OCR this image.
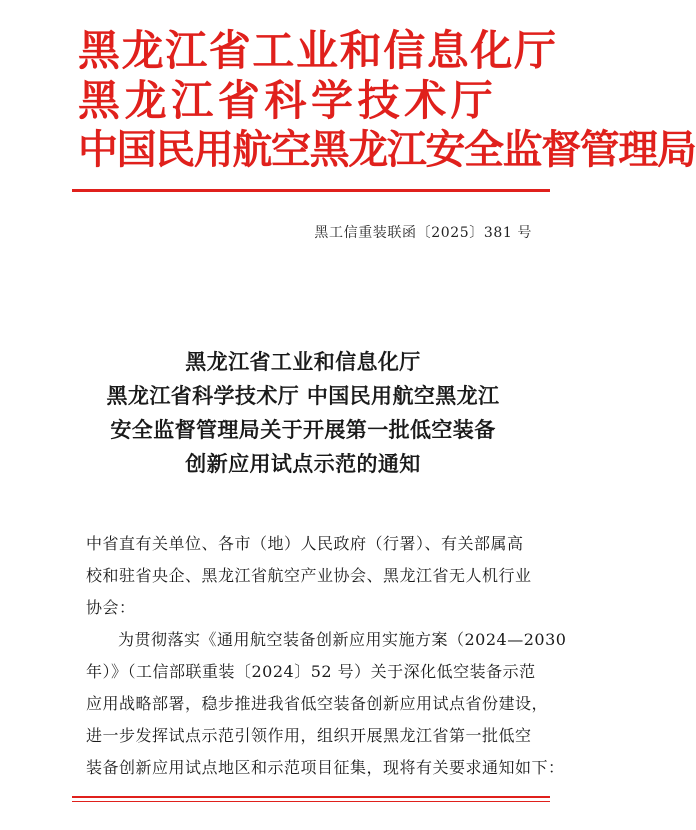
黑龙江省工业和信息化厅
黑龙江省科学技术厅
中国民用航空黑龙江安全监督管理局
黑工信重装联函〔2025〕381 号
黑龙江省工业和信息化厅
黑龙江省科学技术厅 中国民用航空黑龙江
安全监督管理局关于开展第一批低空装备
创新应用试点示范的通知
中省直有关单位、各市（地）人民政府（行署）、有关部属高
校和驻省央企、黑龙江省航空产业协会、黑龙江省无人机行业
协会：
为贯彻落实《通用航空装备创新应用实施方案（2024—2030
年）》（工信部联重装〔2024〕52 号）关于深化低空装备示范
应用战略部署，稳步推进我省低空装备创新应用试点省份建设，
进一步发挥试点示范引领作用，组织开展黑龙江省第一批低空
装备创新应用试点地区和示范项目征集，现将有关要求通知如下：
